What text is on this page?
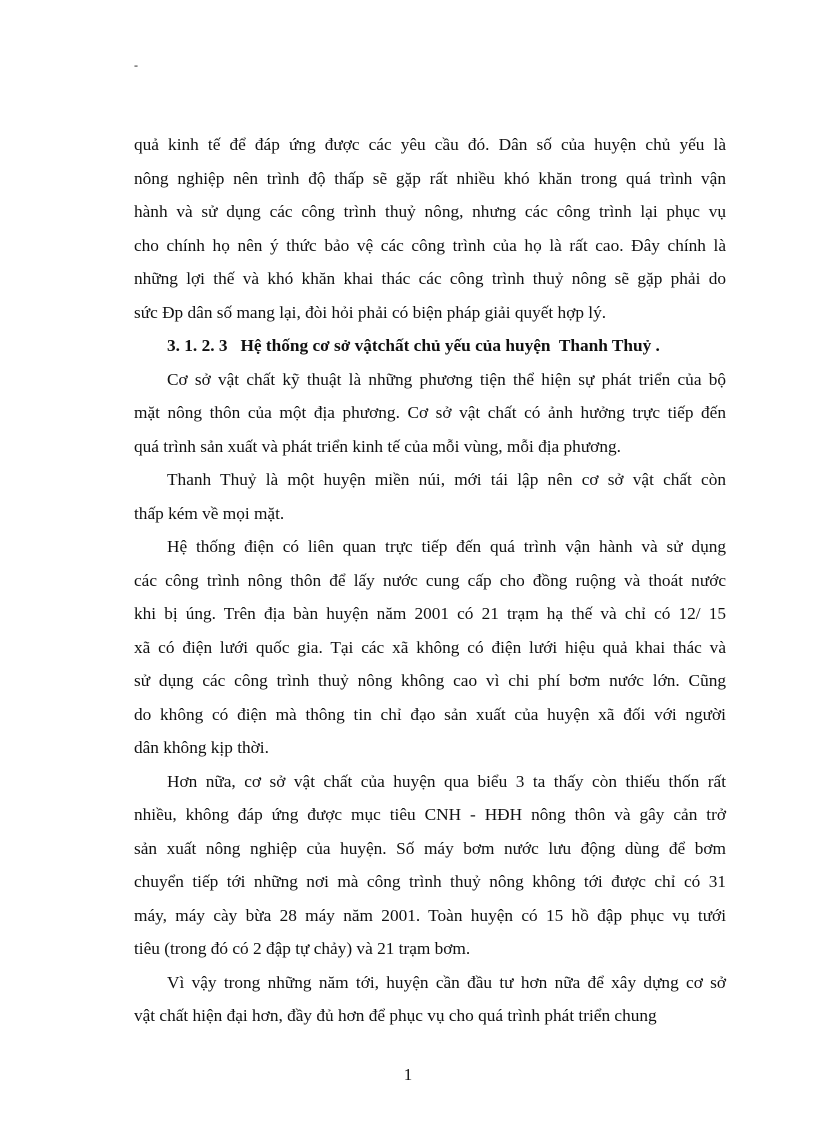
-
quả kinh tế để đáp ứng được các yêu cầu đó. Dân số của huyện chủ yếu là
nông nghiệp nên trình độ thấp sẽ gặp rất nhiều khó khăn trong quá trình vận
hành và sử dụng các công trình thuỷ nông, nhưng các công trình lại phục vụ
cho chính họ nên ý thức bảo vệ các công trình của họ là rất cao. Đây chính là
những lợi thế và khó khăn khai thác các công trình thuỷ nông sẽ gặp phải do
sức Đp dân số mang lại, đòi hỏi phải có biện pháp giải quyết hợp lý.
3. 1. 2. 3   Hệ thống cơ sở vậtchất chủ yếu của huyện  Thanh Thuỷ .
Cơ sở vật chất kỹ thuật là những phương tiện thể hiện sự phát triển của bộ
mặt nông thôn của một địa phương. Cơ sở vật chất có ảnh hưởng trực tiếp đến
quá trình sản xuất và phát triển kinh tế của mỗi vùng, mỗi địa phương.
Thanh Thuỷ là một huyện miền núi, mới tái lập nên cơ sở vật chất còn
thấp kém về mọi mặt.
Hệ thống điện có liên quan trực tiếp đến quá trình vận hành và sử dụng
các công trình nông thôn để lấy nước cung cấp cho đồng ruộng và thoát nước
khi bị úng. Trên địa bàn huyện năm 2001 có 21 trạm hạ thế và chỉ có 12/ 15
xã có điện lưới quốc gia. Tại các xã không có điện lưới hiệu quả khai thác và
sử dụng các công trình thuỷ nông không cao vì chi phí bơm nước lớn. Cũng
do không có điện mà thông tin chỉ đạo sản xuất của huyện xã đối với người
dân không kịp thời.
Hơn nữa, cơ sở vật chất của huyện qua biểu 3 ta thấy còn thiếu thốn rất
nhiều, không đáp ứng được mục tiêu CNH - HĐH nông thôn và gây cản trở
sản xuất nông nghiệp của huyện. Số máy bơm nước lưu động dùng để bơm
chuyển tiếp tới những nơi mà công trình thuỷ nông không tới được chỉ có 31
máy, máy cày bừa 28 máy năm 2001. Toàn huyện có 15 hồ đập phục vụ tưới
tiêu (trong đó có 2 đập tự chảy) và 21 trạm bơm.
Vì vậy trong những năm tới, huyện cần đầu tư hơn nữa để xây dựng cơ sở
vật chất hiện đại hơn, đầy đủ hơn để phục vụ cho quá trình phát triển chung
1
